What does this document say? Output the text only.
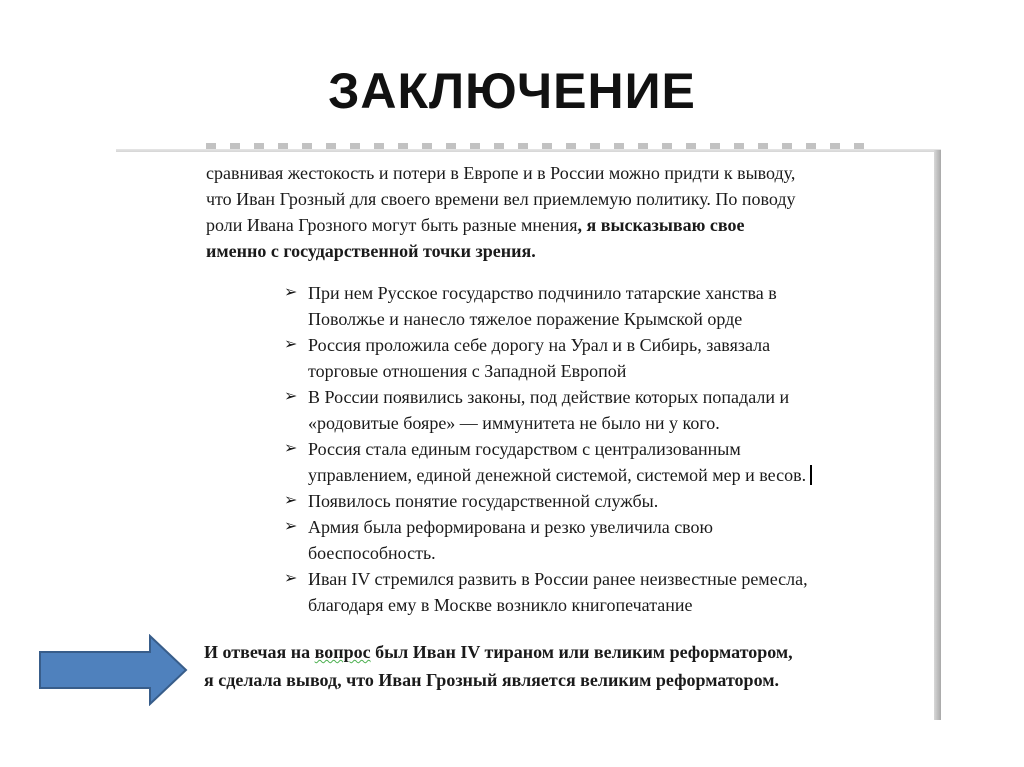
ЗАКЛЮЧЕНИЕ
сравнивая жестокость и потери в Европе и в России можно придти к выводу,
что Иван Грозный для своего времени вел приемлемую политику. По поводу
роли Ивана Грозного могут быть разные мнения, я высказываю свое
именно с государственной точки зрения.
➢ При нем Русское государство подчинило татарские ханства в
Поволжье и нанесло тяжелое поражение Крымской орде
➢ Россия проложила себе дорогу на Урал и в Сибирь, завязала
торговые отношения с Западной Европой
➢ В России появились законы, под действие которых попадали и
«родовитые бояре» — иммунитета не было ни у кого.
➢ Россия стала единым государством с централизованным
управлением, единой денежной системой, системой мер и весов.
➢ Появилось понятие государственной службы.
➢ Армия была реформирована и резко увеличила свою
боеспособность.
➢ Иван IV стремился развить в России ранее неизвестные ремесла,
благодаря ему в Москве возникло книгопечатание
И отвечая на вопрос был Иван IV тираном или великим реформатором,
я сделала вывод, что Иван Грозный является великим реформатором.
